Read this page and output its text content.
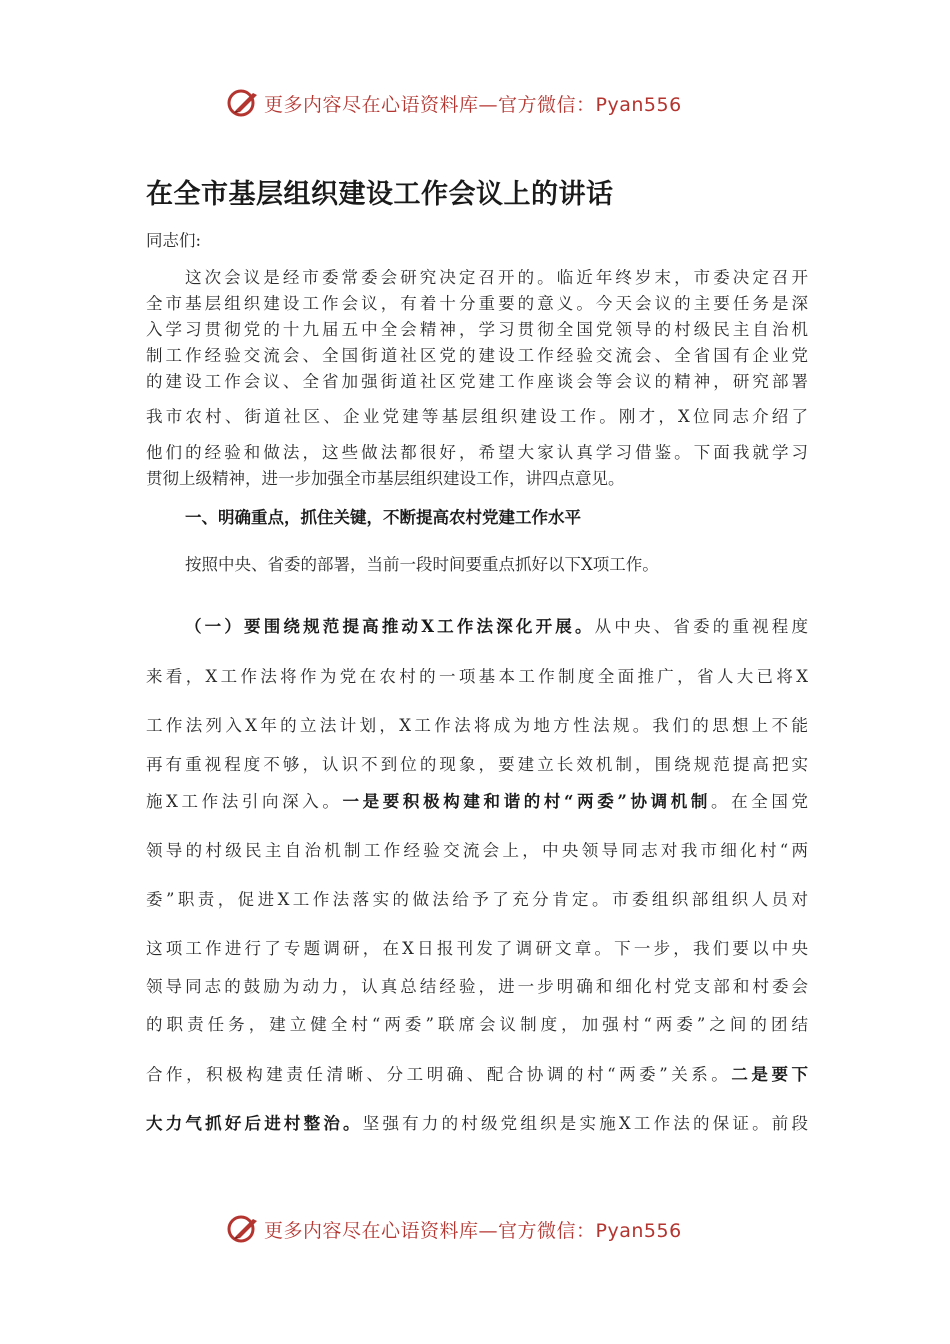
更多内容尽在心语资料库—官方微信：Pyan556
在全市基层组织建设工作会议上的讲话

同志们:

这次会议是经市委常委会研究决定召开的。临近年终岁末，市委决定召开

全市基层组织建设工作会议，有着十分重要的意义。今天会议的主要任务是深

入学习贯彻党的十九届五中全会精神，学习贯彻全国党领导的村级民主自治机

制工作经验交流会、全国街道社区党的建设工作经验交流会、全省国有企业党

的建设工作会议、全省加强街道社区党建工作座谈会等会议的精神，研究部署

我市农村、街道社区、企业党建等基层组织建设工作。刚才，X位同志介绍了

他们的经验和做法，这些做法都很好，希望大家认真学习借鉴。下面我就学习

贯彻上级精神，进一步加强全市基层组织建设工作，讲四点意见。

一、明确重点，抓住关键，不断提高农村党建工作水平

按照中央、省委的部署，当前一段时间要重点抓好以下X项工作。

（一）要围绕规范提高推动X工作法深化开展。从中央、省委的重视程度

来看，X工作法将作为党在农村的一项基本工作制度全面推广，省人大已将X

工作法列入X年的立法计划，X工作法将成为地方性法规。我们的思想上不能

再有重视程度不够，认识不到位的现象，要建立长效机制，围绕规范提高把实

施X工作法引向深入。一是要积极构建和谐的村“两委”协调机制。在全国党

领导的村级民主自治机制工作经验交流会上，中央领导同志对我市细化村“两

委”职责，促进X工作法落实的做法给予了充分肯定。市委组织部组织人员对

这项工作进行了专题调研，在X日报刊发了调研文章。下一步，我们要以中央

领导同志的鼓励为动力，认真总结经验，进一步明确和细化村党支部和村委会

的职责任务，建立健全村“两委”联席会议制度，加强村“两委”之间的团结

合作，积极构建责任清晰、分工明确、配合协调的村“两委”关系。二是要下

大力气抓好后进村整治。坚强有力的村级党组织是实施X工作法的保证。前段

更多内容尽在心语资料库—官方微信：Pyan556
